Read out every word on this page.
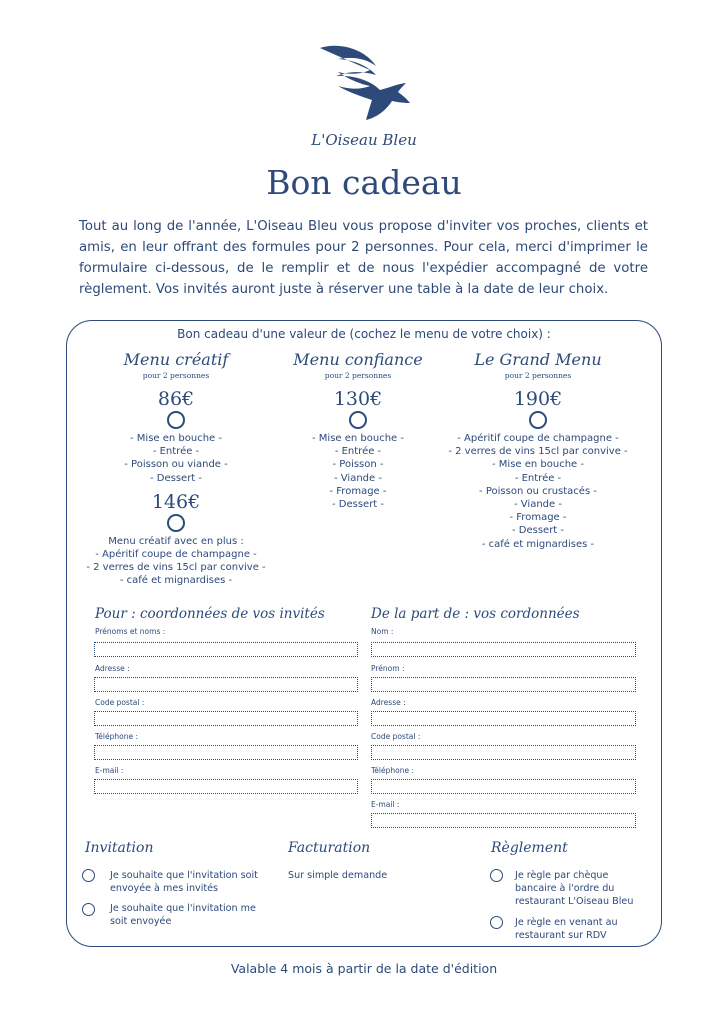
L'Oiseau Bleu
Bon cadeau
Tout au long de l'année, L'Oiseau Bleu vous propose d'inviter vos proches, clients et amis, en leur offrant des formules pour 2 personnes. Pour cela, merci d'imprimer le formulaire ci-dessous, de le remplir et de nous l'expédier accompagné de votre règlement. Vos invités auront juste à réserver une table à la date de leur choix.
Bon cadeau d'une valeur de (cochez le menu de votre choix) :
Menu créatif
pour 2 personnes
86€
- Mise en bouche -
- Entrée -
- Poisson ou viande -
- Dessert -
146€
Menu créatif avec en plus :
- Apéritif coupe de champagne -
- 2 verres de vins 15cl par convive -
- café et mignardises -
Menu confiance
pour 2 personnes
130€
- Mise en bouche -
- Entrée -
- Poisson -
- Viande -
- Fromage -
- Dessert -
Le Grand Menu
pour 2 personnes
190€
- Apéritif coupe de champagne -
- 2 verres de vins 15cl par convive -
- Mise en bouche -
- Entrée -
- Poisson ou crustacés -
- Viande -
- Fromage -
- Dessert -
- café et mignardises -
Pour : coordonnées de vos invités
Prénoms et noms :
Adresse :
Code postal :
Téléphone :
E-mail :
De la part de : vos cordonnées
Nom :
Prénom :
Adresse :
Code postal :
Téléphone :
E-mail :
Invitation
Je souhaite que l'invitation soit envoyée à mes invités
Je souhaite que l'invitation me soit envoyée
Facturation
Sur simple demande
Règlement
Je règle par chèque bancaire à l'ordre du restaurant L'Oiseau Bleu
Je règle en venant au restaurant sur RDV
Valable 4 mois à partir de la date d'édition
